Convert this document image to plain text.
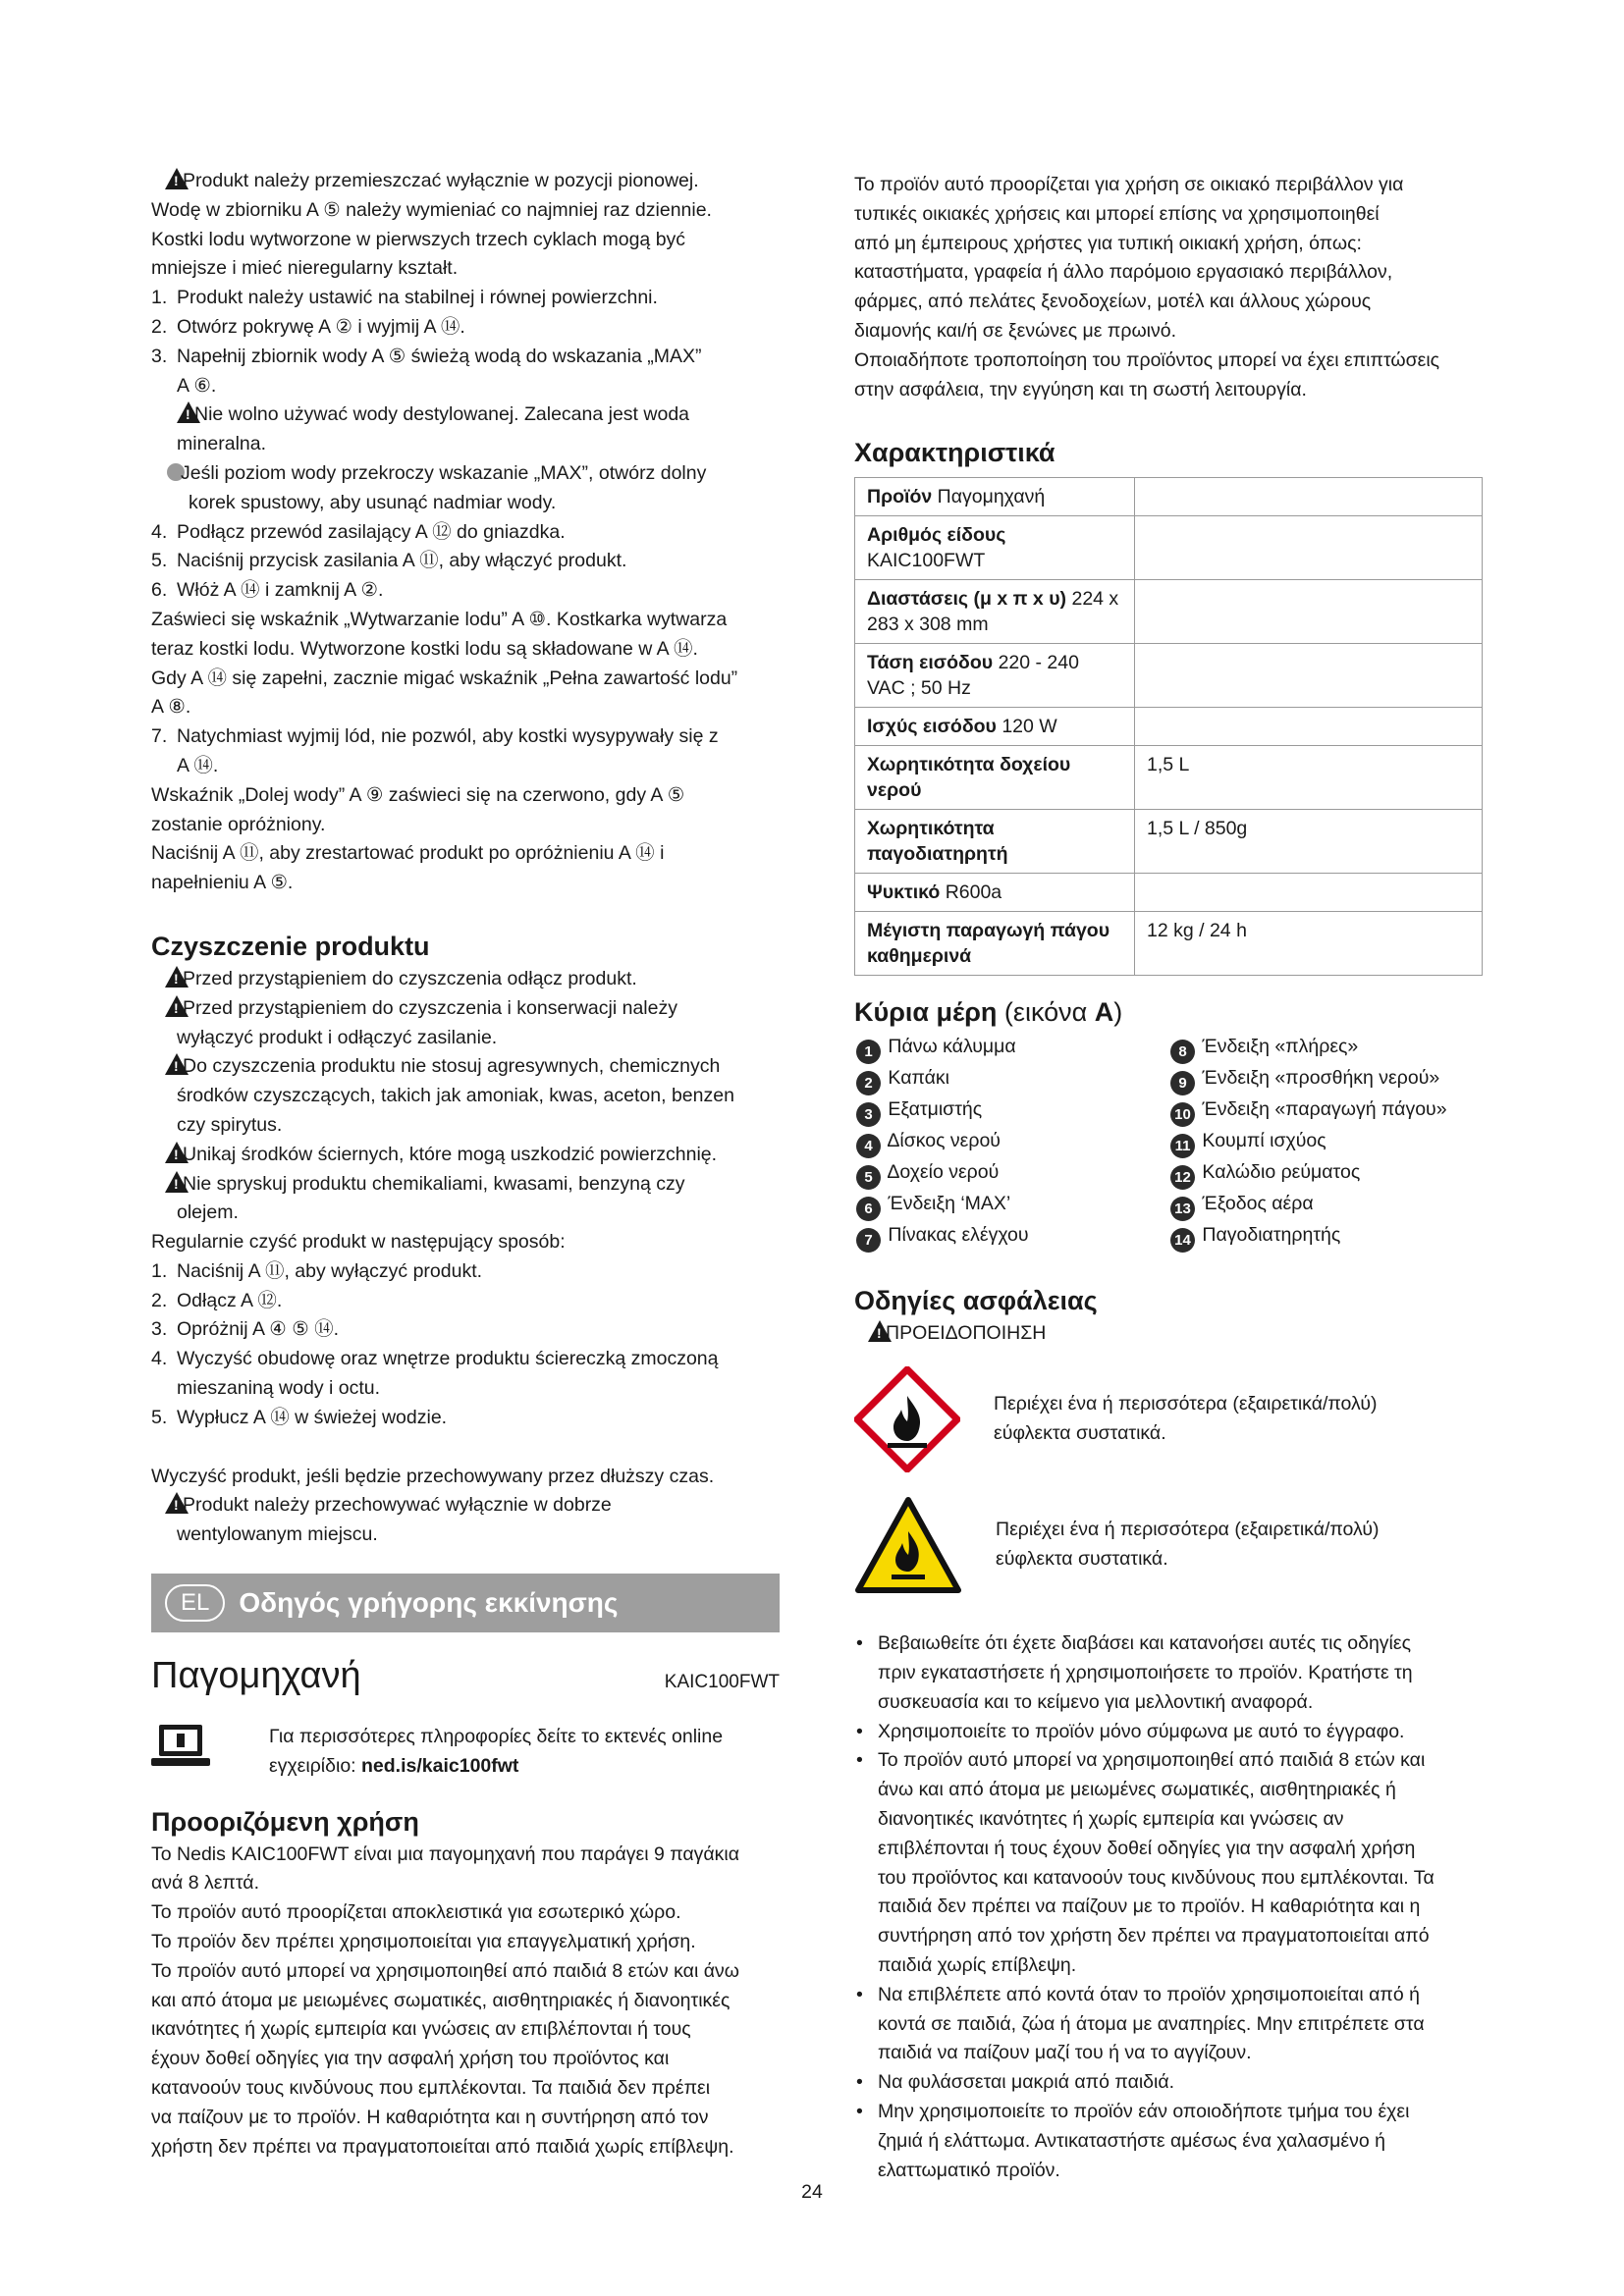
!Produkt należy przemieszczać wyłącznie w pozycji pionowej.
Wodę w zbiorniku A ⑤ należy wymieniać co najmniej raz dziennie.
Kostki lodu wytworzone w pierwszych trzech cyklach mogą być
mniejsze i mieć nieregularny kształt.
1. Produkt należy ustawić na stabilnej i równej powierzchni.
2. Otwórz pokrywę A ② i wyjmij A ⑭.
3. Napełnij zbiornik wody A ⑤ świeżą wodą do wskazania „MAX”
A ⑥.
!Nie wolno używać wody destylowanej. Zalecana jest woda
mineralna.
Jeśli poziom wody przekroczy wskazanie „MAX”, otwórz dolny
korek spustowy, aby usunąć nadmiar wody.
4. Podłącz przewód zasilający A ⑫ do gniazdka.
5. Naciśnij przycisk zasilania A ⑪, aby włączyć produkt.
6. Włóż A ⑭ i zamknij A ②.
Zaświeci się wskaźnik „Wytwarzanie lodu” A ⑩. Kostkarka wytwarza
teraz kostki lodu. Wytworzone kostki lodu są składowane w A ⑭.
Gdy A ⑭ się zapełni, zacznie migać wskaźnik „Pełna zawartość lodu”
A ⑧.
7. Natychmiast wyjmij lód, nie pozwól, aby kostki wysypywały się z
A ⑭.
Wskaźnik „Dolej wody” A ⑨ zaświeci się na czerwono, gdy A ⑤
zostanie opróżniony.
Naciśnij A ⑪, aby zrestartować produkt po opróżnieniu A ⑭ i
napełnieniu A ⑤.
Czyszczenie produktu
!Przed przystąpieniem do czyszczenia odłącz produkt.
!Przed przystąpieniem do czyszczenia i konserwacji należy
wyłączyć produkt i odłączyć zasilanie.
!Do czyszczenia produktu nie stosuj agresywnych, chemicznych
środków czyszczących, takich jak amoniak, kwas, aceton, benzen
czy spirytus.
!Unikaj środków ściernych, które mogą uszkodzić powierzchnię.
!Nie spryskuj produktu chemikaliami, kwasami, benzyną czy
olejem.
Regularnie czyść produkt w następujący sposób:
1. Naciśnij A ⑪, aby wyłączyć produkt.
2. Odłącz A ⑫.
3. Opróżnij A ④ ⑤ ⑭.
4. Wyczyść obudowę oraz wnętrze produktu ściereczką zmoczoną
mieszaniną wody i octu.
5. Wypłucz A ⑭ w świeżej wodzie.
Wyczyść produkt, jeśli będzie przechowywany przez dłuższy czas.
!Produkt należy przechowywać wyłącznie w dobrze
wentylowanym miejscu.
EL	Οδηγός γρήγορης εκκίνησης
Παγομηχανή	KAIC100FWT
Για περισσότερες πληροφορίες δείτε το εκτενές online
εγχειρίδιο: ned.is/kaic100fwt
Προοριζόμενη χρήση
Το Nedis KAIC100FWT είναι μια παγομηχανή που παράγει 9 παγάκια
ανά 8 λεπτά.
Το προϊόν αυτό προορίζεται αποκλειστικά για εσωτερικό χώρο.
Το προϊόν δεν πρέπει χρησιμοποιείται για επαγγελματική χρήση.
Το προϊόν αυτό μπορεί να χρησιμοποιηθεί από παιδιά 8 ετών και άνω
και από άτομα με μειωμένες σωματικές, αισθητηριακές ή διανοητικές
ικανότητες ή χωρίς εμπειρία και γνώσεις αν επιβλέπονται ή τους
έχουν δοθεί οδηγίες για την ασφαλή χρήση του προϊόντος και
κατανοούν τους κινδύνους που εμπλέκονται. Τα παιδιά δεν πρέπει
να παίζουν με το προϊόν. Η καθαριότητα και η συντήρηση από τον
χρήστη δεν πρέπει να πραγματοποιείται από παιδιά χωρίς επίβλεψη.
Το προϊόν αυτό προορίζεται για χρήση σε οικιακό περιβάλλον για
τυπικές οικιακές χρήσεις και μπορεί επίσης να χρησιμοποιηθεί
από μη έμπειρους χρήστες για τυπική οικιακή χρήση, όπως:
καταστήματα, γραφεία ή άλλο παρόμοιο εργασιακό περιβάλλον,
φάρμες, από πελάτες ξενοδοχείων, μοτέλ και άλλους χώρους
διαμονής και/ή σε ξενώνες με πρωινό.
Οποιαδήποτε τροποποίηση του προϊόντος μπορεί να έχει επιπτώσεις
στην ασφάλεια, την εγγύηση και τη σωστή λειτουργία.
Χαρακτηριστικά
Προϊόν Παγομηχανή	
Αριθμός είδους KAIC100FWT	
Διαστάσεις (μ x π x υ) 224 x 283 x 308 mm	
Τάση εισόδου 220 - 240 VAC ; 50 Hz	
Ισχύς εισόδου 120 W	
Χωρητικότητα δοχείου νερού	1,5 L
Χωρητικότητα παγοδιατηρητή	1,5 L / 850g
Ψυκτικό R600a	
Μέγιστη παραγωγή πάγου καθημερινά	12 kg / 24 h
Κύρια μέρη (εικόνα A)
1 Πάνω κάλυμμα
2 Καπάκι
3 Εξατμιστής
4 Δίσκος νερού
5 Δοχείο νερού
6 Ένδειξη ‘MAX’
7 Πίνακας ελέγχου
8 Ένδειξη «πλήρες»
9 Ένδειξη «προσθήκη νερού»
10 Ένδειξη «παραγωγή πάγου»
11 Κουμπί ισχύος
12 Καλώδιο ρεύματος
13 Έξοδος αέρα
14 Παγοδιατηρητής
Οδηγίες ασφάλειας
!ΠΡΟΕΙΔΟΠΟΙΗΣΗ
Περιέχει ένα ή περισσότερα (εξαιρετικά/πολύ)
εύφλεκτα συστατικά.
Περιέχει ένα ή περισσότερα (εξαιρετικά/πολύ)
εύφλεκτα συστατικά.
• Βεβαιωθείτε ότι έχετε διαβάσει και κατανοήσει αυτές τις οδηγίες
πριν εγκαταστήσετε ή χρησιμοποιήσετε το προϊόν. Κρατήστε τη
συσκευασία και το κείμενο για μελλοντική αναφορά.
• Χρησιμοποιείτε το προϊόν μόνο σύμφωνα με αυτό το έγγραφο.
• Το προϊόν αυτό μπορεί να χρησιμοποιηθεί από παιδιά 8 ετών και
άνω και από άτομα με μειωμένες σωματικές, αισθητηριακές ή
διανοητικές ικανότητες ή χωρίς εμπειρία και γνώσεις αν
επιβλέπονται ή τους έχουν δοθεί οδηγίες για την ασφαλή χρήση
του προϊόντος και κατανοούν τους κινδύνους που εμπλέκονται. Τα
παιδιά δεν πρέπει να παίζουν με το προϊόν. Η καθαριότητα και η
συντήρηση από τον χρήστη δεν πρέπει να πραγματοποιείται από
παιδιά χωρίς επίβλεψη.
• Να επιβλέπετε από κοντά όταν το προϊόν χρησιμοποιείται από ή
κοντά σε παιδιά, ζώα ή άτομα με αναπηρίες. Μην επιτρέπετε στα
παιδιά να παίζουν μαζί του ή να το αγγίζουν.
• Να φυλάσσεται μακριά από παιδιά.
• Μην χρησιμοποιείτε το προϊόν εάν οποιοδήποτε τμήμα του έχει
ζημιά ή ελάττωμα. Αντικαταστήστε αμέσως ένα χαλασμένο ή
ελαττωματικό προϊόν.
24
